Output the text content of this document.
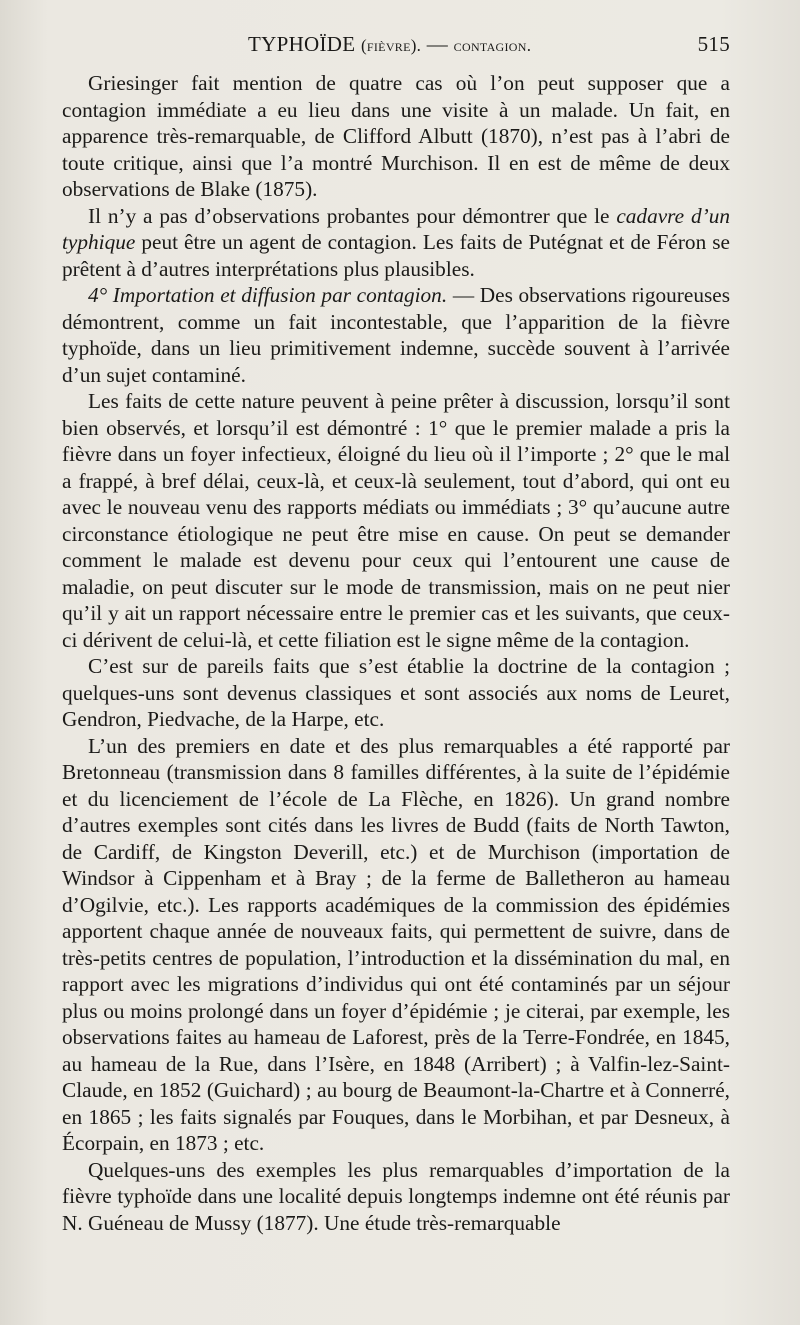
TYPHOÏDE (fièvre). — contagion.	515

Griesinger fait mention de quatre cas où l’on peut supposer que a contagion immédiate a eu lieu dans une visite à un malade. Un fait, en apparence très-remarquable, de Clifford Albutt (1870), n’est pas à l’abri de toute critique, ainsi que l’a montré Murchison. Il en est de même de deux observations de Blake (1875).

Il n’y a pas d’observations probantes pour démontrer que le cadavre d’un typhique peut être un agent de contagion. Les faits de Putégnat et de Féron se prêtent à d’autres interprétations plus plausibles.

4° Importation et diffusion par contagion. — Des observations rigoureuses démontrent, comme un fait incontestable, que l’apparition de la fièvre typhoïde, dans un lieu primitivement indemne, succède souvent à l’arrivée d’un sujet contaminé.

Les faits de cette nature peuvent à peine prêter à discussion, lorsqu’il sont bien observés, et lorsqu’il est démontré : 1° que le premier malade a pris la fièvre dans un foyer infectieux, éloigné du lieu où il l’importe ; 2° que le mal a frappé, à bref délai, ceux-là, et ceux-là seulement, tout d’abord, qui ont eu avec le nouveau venu des rapports médiats ou immédiats ; 3° qu’aucune autre circonstance étiologique ne peut être mise en cause. On peut se demander comment le malade est devenu pour ceux qui l’entourent une cause de maladie, on peut discuter sur le mode de transmission, mais on ne peut nier qu’il y ait un rapport nécessaire entre le premier cas et les suivants, que ceux-ci dérivent de celui-là, et cette filiation est le signe même de la contagion.

C’est sur de pareils faits que s’est établie la doctrine de la contagion ; quelques-uns sont devenus classiques et sont associés aux noms de Leuret, Gendron, Piedvache, de la Harpe, etc.

L’un des premiers en date et des plus remarquables a été rapporté par Bretonneau (transmission dans 8 familles différentes, à la suite de l’épidémie et du licenciement de l’école de La Flèche, en 1826). Un grand nombre d’autres exemples sont cités dans les livres de Budd (faits de North Tawton, de Cardiff, de Kingston Deverill, etc.) et de Murchison (importation de Windsor à Cippenham et à Bray ; de la ferme de Balletheron au hameau d’Ogilvie, etc.). Les rapports académiques de la commission des épidémies apportent chaque année de nouveaux faits, qui permettent de suivre, dans de très-petits centres de population, l’introduction et la dissémination du mal, en rapport avec les migrations d’individus qui ont été contaminés par un séjour plus ou moins prolongé dans un foyer d’épidémie ; je citerai, par exemple, les observations faites au hameau de Laforest, près de la Terre-Fondrée, en 1845, au hameau de la Rue, dans l’Isère, en 1848 (Arribert) ; à Valfin-lez-Saint-Claude, en 1852 (Guichard) ; au bourg de Beaumont-la-Chartre et à Connerré, en 1865 ; les faits signalés par Fouques, dans le Morbihan, et par Desneux, à Écorpain, en 1873 ; etc.

Quelques-uns des exemples les plus remarquables d’importation de la fièvre typhoïde dans une localité depuis longtemps indemne ont été réunis par N. Guéneau de Mussy (1877). Une étude très-remarquable
